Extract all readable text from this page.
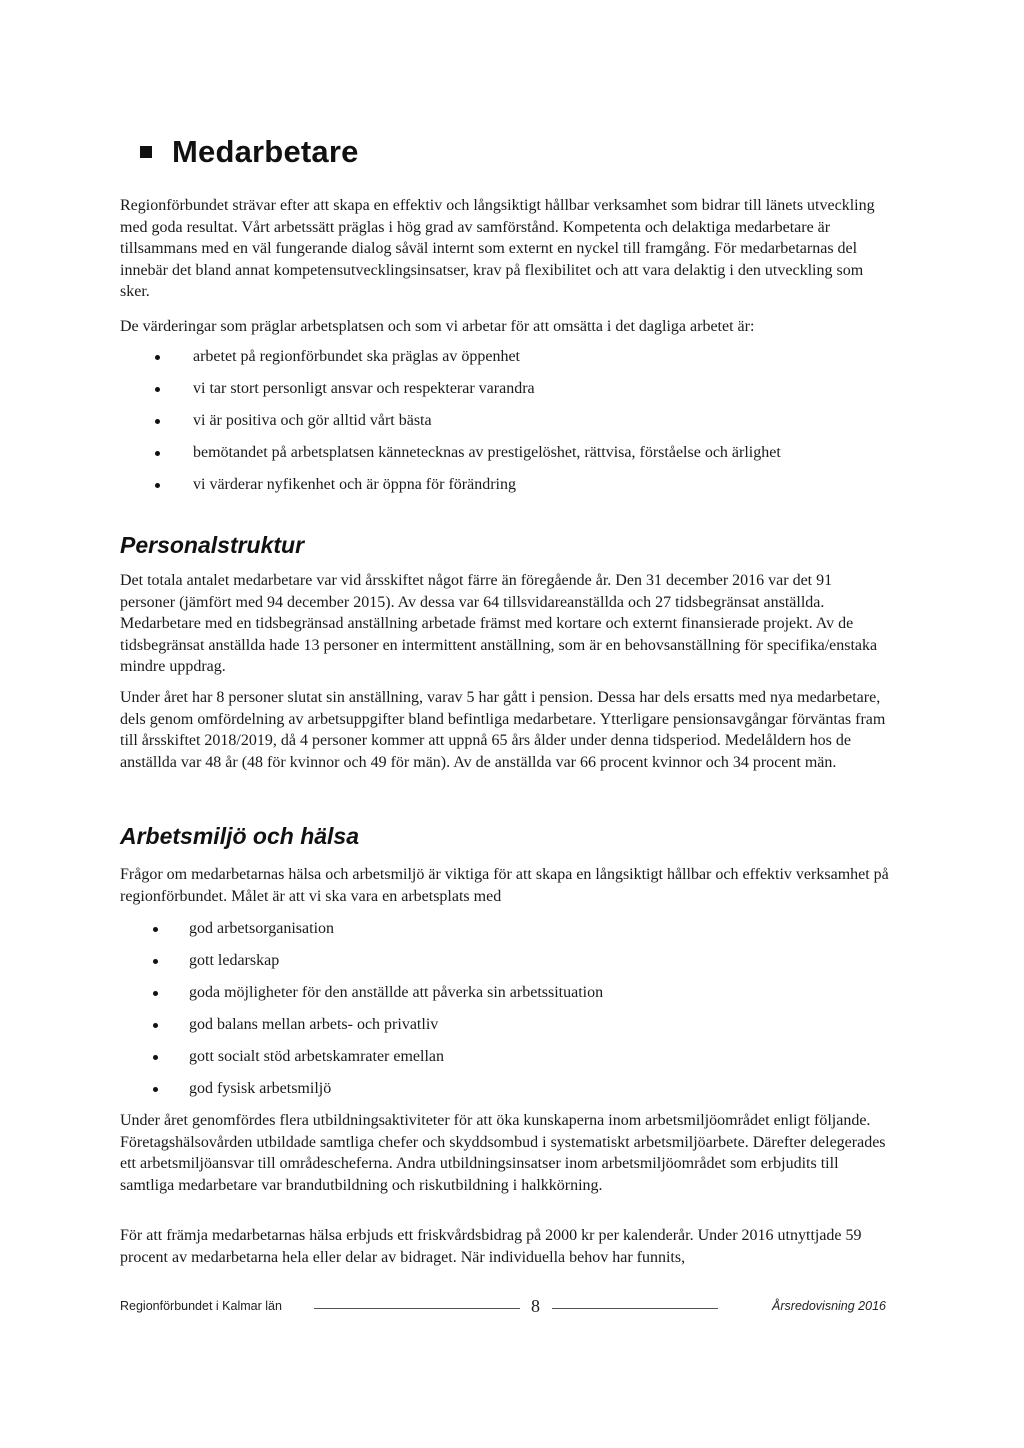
Medarbetare

Regionförbundet strävar efter att skapa en effektiv och långsiktigt hållbar verksamhet som bidrar till länets utveckling med goda resultat. Vårt arbetssätt präglas i hög grad av samförstånd. Kompetenta och delaktiga medarbetare är tillsammans med en väl fungerande dialog såväl internt som externt en nyckel till framgång. För medarbetarnas del innebär det bland annat kompetensutvecklingsinsatser, krav på flexibilitet och att vara delaktig i den utveckling som sker.

De värderingar som präglar arbetsplatsen och som vi arbetar för att omsätta i det dagliga arbetet är:

arbetet på regionförbundet ska präglas av öppenhet
vi tar stort personligt ansvar och respekterar varandra
vi är positiva och gör alltid vårt bästa
bemötandet på arbetsplatsen kännetecknas av prestigelöshet, rättvisa, förståelse och ärlighet
vi värderar nyfikenhet och är öppna för förändring
Personalstruktur

Det totala antalet medarbetare var vid årsskiftet något färre än föregående år. Den 31 december 2016 var det 91 personer (jämfört med 94 december 2015). Av dessa var 64 tillsvidareanställda och 27 tidsbegränsat anställda. Medarbetare med en tidsbegränsad anställning arbetade främst med kortare och externt finansierade projekt. Av de tidsbegränsat anställda hade 13 personer en intermittent anställning, som är en behovsanställning för specifika/enstaka mindre uppdrag.

Under året har 8 personer slutat sin anställning, varav 5 har gått i pension. Dessa har dels ersatts med nya medarbetare, dels genom omfördelning av arbetsuppgifter bland befintliga medarbetare. Ytterligare pensionsavgångar förväntas fram till årsskiftet 2018/2019, då 4 personer kommer att uppnå 65 års ålder under denna tidsperiod. Medelåldern hos de anställda var 48 år (48 för kvinnor och 49 för män). Av de anställda var 66 procent kvinnor och 34 procent män.

Arbetsmiljö och hälsa

Frågor om medarbetarnas hälsa och arbetsmiljö är viktiga för att skapa en långsiktigt hållbar och effektiv verksamhet på regionförbundet. Målet är att vi ska vara en arbetsplats med

god arbetsorganisation
gott ledarskap
goda möjligheter för den anställde att påverka sin arbetssituation
god balans mellan arbets- och privatliv
gott socialt stöd arbetskamrater emellan
god fysisk arbetsmiljö

Under året genomfördes flera utbildningsaktiviteter för att öka kunskaperna inom arbetsmiljöområdet enligt följande. Företagshälsovården utbildade samtliga chefer och skyddsombud i systematiskt arbetsmiljöarbete. Därefter delegerades ett arbetsmiljöansvar till områdescheferna. Andra utbildningsinsatser inom arbetsmiljöområdet som erbjudits till samtliga medarbetare var brandutbildning och riskutbildning i halkkörning.

För att främja medarbetarnas hälsa erbjuds ett friskvårdsbidrag på 2000 kr per kalenderår. Under 2016 utnyttjade 59 procent av medarbetarna hela eller delar av bidraget. När individuella behov har funnits,

Regionförbundet i Kalmar län	8	Årsredovisning 2016
